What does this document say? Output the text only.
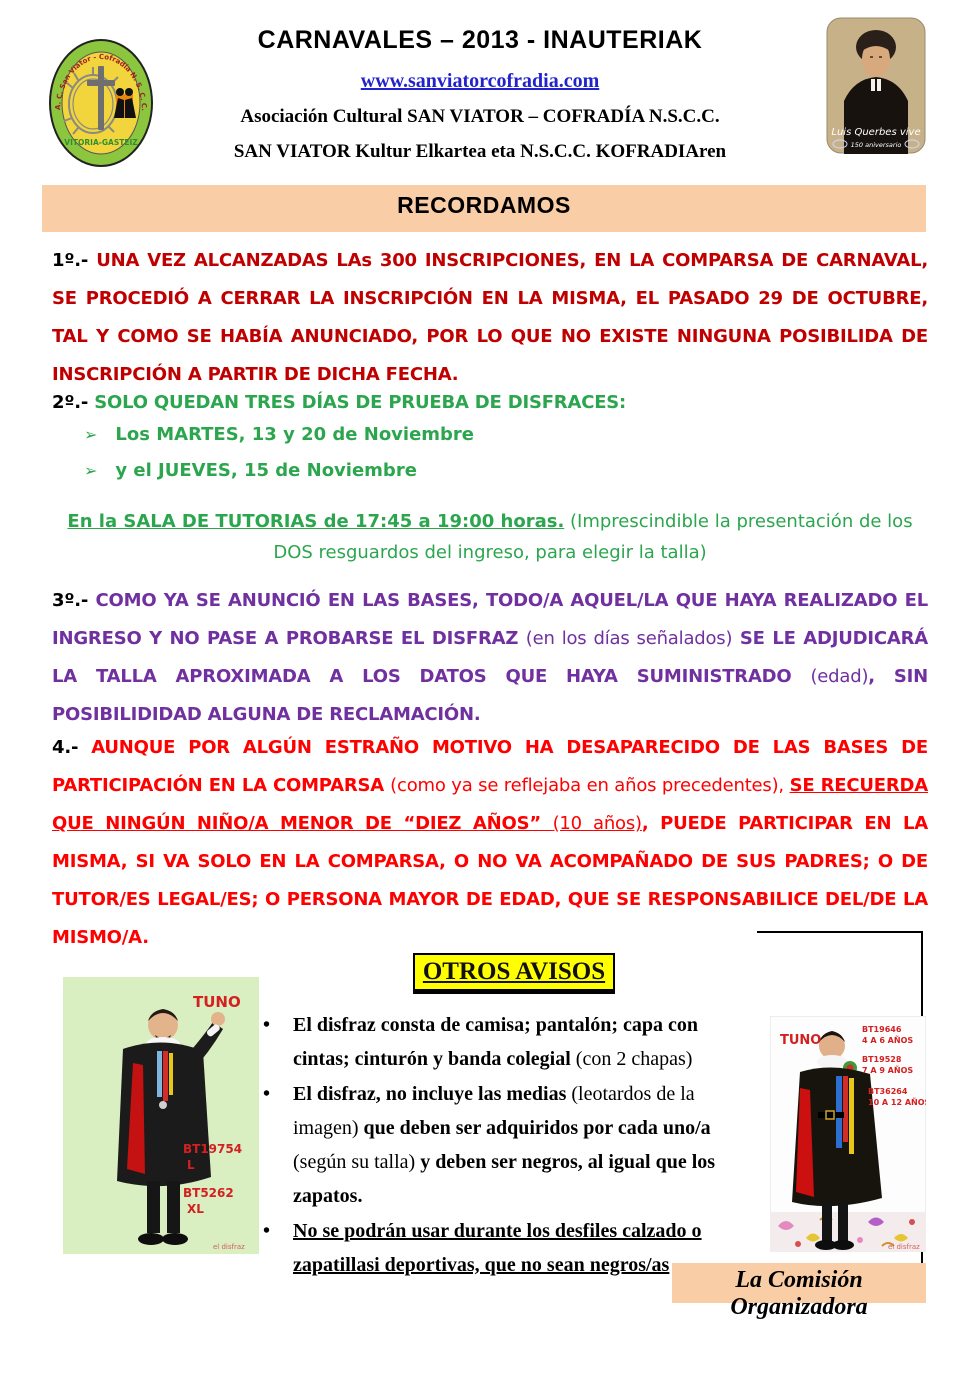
A. C. San Viator - Cofradía N. S. C. C.
VITORIA-GASTEIZ
CARNAVALES – 2013 - INAUTERIAK
www.sanviatorcofradia.com
Asociación Cultural SAN VIATOR – COFRADÍA N.S.C.C.
SAN VIATOR Kultur Elkartea eta N.S.C.C. KOFRADIAren
Luis Querbes vive
150 aniversario
RECORDAMOS
1º.- UNA VEZ ALCANZADAS LAs 300 INSCRIPCIONES, EN LA COMPARSA DE CARNAVAL, SE PROCEDIÓ A CERRAR LA INSCRIPCIÓN EN LA MISMA, EL PASADO 29 DE OCTUBRE, TAL Y COMO SE HABÍA ANUNCIADO, POR LO QUE NO EXISTE NINGUNA POSIBILIDA DE INSCRIPCIÓN A PARTIR DE DICHA FECHA.
2º.- SOLO QUEDAN TRES DÍAS DE PRUEBA DE DISFRACES:
➢ Los MARTES, 13 y 20 de Noviembre
➢ y el JUEVES, 15 de Noviembre
En la SALA DE TUTORIAS de 17:45 a 19:00 horas. (Imprescindible la presentación de los
DOS resguardos del ingreso, para elegir la talla)
3º.- COMO YA SE ANUNCIÓ EN LAS BASES, TODO/A AQUEL/LA QUE HAYA REALIZADO EL INGRESO Y NO PASE A PROBARSE EL DISFRAZ (en los días señalados) SE LE ADJUDICARÁ LA TALLA APROXIMADA A LOS DATOS QUE HAYA SUMINISTRADO (edad), SIN POSIBILIDIDAD ALGUNA DE RECLAMACIÓN.
4.- AUNQUE POR ALGÚN ESTRAÑO MOTIVO HA DESAPARECIDO DE LAS BASES DE PARTICIPACIÓN EN LA COMPARSA (como ya se reflejaba en años precedentes), SE RECUERDA QUE NINGÚN NIÑO/A MENOR DE “DIEZ AÑOS” (10 años), PUEDE PARTICIPAR EN LA MISMA, SI VA SOLO EN LA COMPARSA, O NO VA ACOMPAÑADO DE SUS PADRES; O DE TUTOR/ES LEGAL/ES; O PERSONA MAYOR DE EDAD, QUE SE RESPONSABILICE DEL/DE LA MISMO/A.
OTROS AVISOS
•	El disfraz consta de camisa; pantalón; capa con cintas; cinturón y banda colegial (con 2 chapas)
•	El disfraz, no incluye las medias (leotardos de la imagen) que deben ser adquiridos por cada uno/a (según su talla) y deben ser negros, al igual que los zapatos.
•	No se podrán usar durante los desfiles calzado o zapatillasi deportivas, que no sean negros/as
TUNO
BT19754
L
BT5262
XL
el disfraz
TUNO
BT19646
4 A 6 AÑOS
BT19528
7 A 9 AÑOS
BT36264
10 A 12 AÑOS
el disfraz
La Comisión Organizadora
